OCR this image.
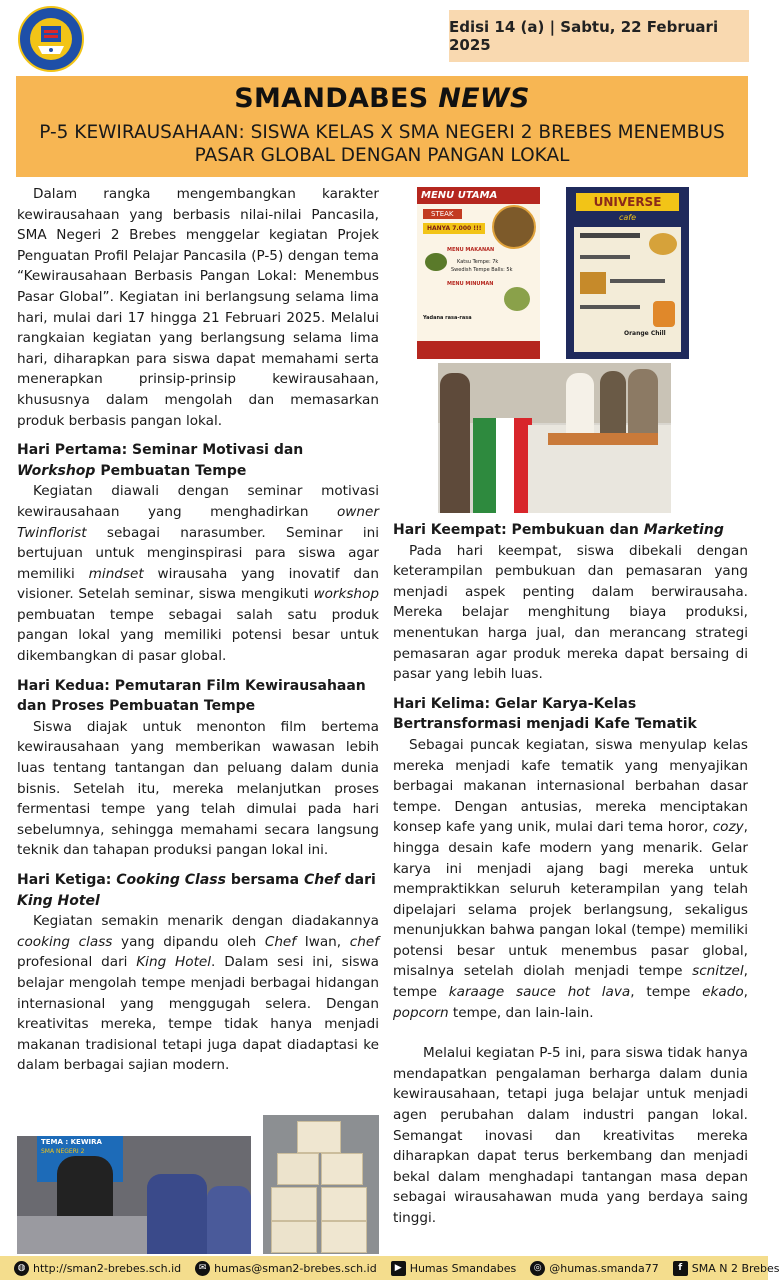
Edisi 14 (a) | Sabtu, 22 Februari 2025
SMANDABES NEWS
P-5 KEWIRAUSAHAAN: SISWA KELAS X SMA NEGERI 2 BREBES MENEMBUS PASAR GLOBAL DENGAN PANGAN LOKAL

Dalam rangka mengembangkan karakter kewirausahaan yang berbasis nilai-nilai Pancasila, SMA Negeri 2 Brebes menggelar kegiatan Projek Penguatan Profil Pelajar Pancasila (P-5) dengan tema “Kewirausahaan Berbasis Pangan Lokal: Menembus Pasar Global”. Kegiatan ini berlangsung selama lima hari, mulai dari 17 hingga 21 Februari 2025. Melalui rangkaian kegiatan yang berlangsung selama lima hari, diharapkan para siswa dapat memahami serta menerapkan prinsip-prinsip kewirausahaan, khususnya dalam mengolah dan memasarkan produk berbasis pangan lokal.

Hari Pertama: Seminar Motivasi dan Workshop Pembuatan Tempe

Kegiatan diawali dengan seminar motivasi kewirausahaan yang menghadirkan owner Twinflorist sebagai narasumber. Seminar ini bertujuan untuk menginspirasi para siswa agar memiliki mindset wirausaha yang inovatif dan visioner. Setelah seminar, siswa mengikuti workshop pembuatan tempe sebagai salah satu produk pangan lokal yang memiliki potensi besar untuk dikembangkan di pasar global.

Hari Kedua: Pemutaran Film Kewirausahaan dan Proses Pembuatan Tempe

Siswa diajak untuk menonton film bertema kewirausahaan yang memberikan wawasan lebih luas tentang tantangan dan peluang dalam dunia bisnis. Setelah itu, mereka melanjutkan proses fermentasi tempe yang telah dimulai pada hari sebelumnya, sehingga memahami secara langsung teknik dan tahapan produksi pangan lokal ini.

Hari Ketiga: Cooking Class bersama Chef dari King Hotel

Kegiatan semakin menarik dengan diadakannya cooking class yang dipandu oleh Chef Iwan, chef profesional dari King Hotel. Dalam sesi ini, siswa belajar mengolah tempe menjadi berbagai hidangan internasional yang menggugah selera. Dengan kreativitas mereka, tempe tidak hanya menjadi makanan tradisional tetapi juga dapat diadaptasi ke dalam berbagai sajian modern.

Hari Keempat: Pembukuan dan Marketing

Pada hari keempat, siswa dibekali dengan keterampilan pembukuan dan pemasaran yang menjadi aspek penting dalam berwirausaha. Mereka belajar menghitung biaya produksi, menentukan harga jual, dan merancang strategi pemasaran agar produk mereka dapat bersaing di pasar yang lebih luas.

Hari Kelima: Gelar Karya-Kelas Bertransformasi menjadi Kafe Tematik

Sebagai puncak kegiatan, siswa menyulap kelas mereka menjadi kafe tematik yang menyajikan berbagai makanan internasional berbahan dasar tempe. Dengan antusias, mereka menciptakan konsep kafe yang unik, mulai dari tema horor, cozy, hingga desain kafe modern yang menarik. Gelar karya ini menjadi ajang bagi mereka untuk mempraktikkan seluruh keterampilan yang telah dipelajari selama projek berlangsung, sekaligus menunjukkan bahwa pangan lokal (tempe) memiliki potensi besar untuk menembus pasar global, misalnya setelah diolah menjadi tempe scnitzel, tempe karaage sauce hot lava, tempe ekado, popcorn tempe, dan lain-lain.

Melalui kegiatan P-5 ini, para siswa tidak hanya mendapatkan pengalaman berharga dalam dunia kewirausahaan, tetapi juga belajar untuk menjadi agen perubahan dalam industri pangan lokal. Semangat inovasi dan kreativitas mereka diharapkan dapat terus berkembang dan menjadi bekal dalam menghadapi tantangan masa depan sebagai wirausahawan muda yang berdaya saing tinggi.

MENU UTAMA
STEAK
HANYA 7.000 !!!
MENU MAKANAN
Katsu Tempe: 7k
Swedish Tempe Balls: 5k
MENU MINUMAN
Yadana rasa-rasa
UNIVERSE
cafe
Orange Chill
TEMA : KEWIRA
SMA NEGERI 2
◍ http://sman2-brebes.sch.id	✉ humas@sman2-brebes.sch.id	▶ Humas Smandabes	◎ @humas.smanda77	f SMA N 2 Brebes
